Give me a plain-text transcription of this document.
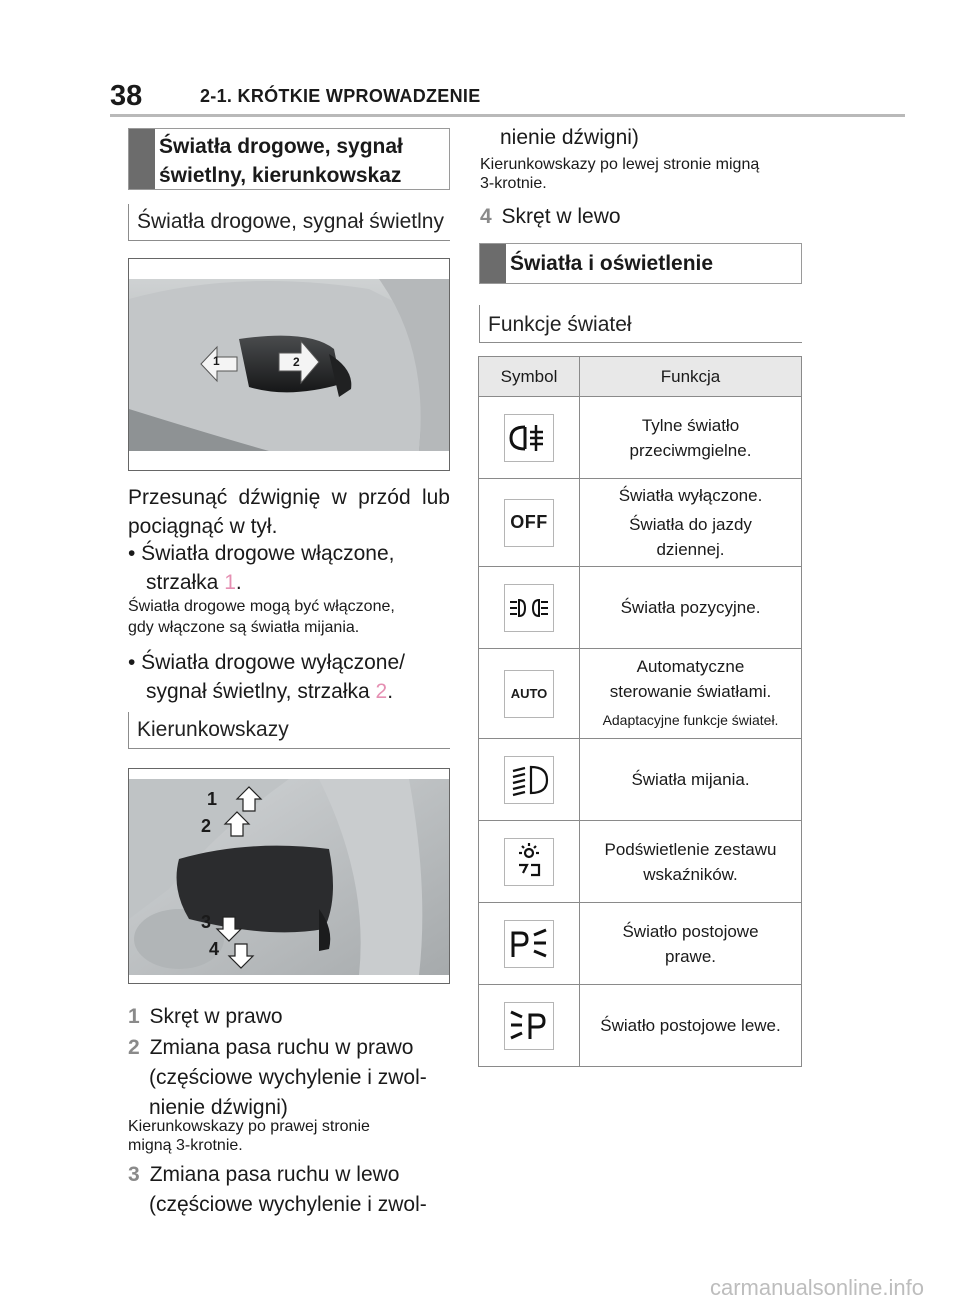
38	2-1. KRÓTKIE WPROWADZENIE
Światła drogowe, sygnał
świetlny, kierunkowskaz
Światła drogowe, sygnał świetlny
1	2
Przesunąć dźwignię w przód lub
pociągnąć w tył.
• Światła drogowe włączone,
strzałka 1.
Światła drogowe mogą być włączone,
gdy włączone są światła mijania.
• Światła drogowe wyłączone/
sygnał świetlny, strzałka 2.
Kierunkowskazy
1
2
3
4
1 Skręt w prawo
2 Zmiana pasa ruchu w prawo
(częściowe wychylenie i zwol-
nienie dźwigni)
Kierunkowskazy po prawej stronie
migną 3-krotnie.
3 Zmiana pasa ruchu w lewo
(częściowe wychylenie i zwol-
nienie dźwigni)
Kierunkowskazy po lewej stronie migną
3-krotnie.
4 Skręt w lewo
Światła i oświetlenie
Funkcje świateł
Symbol	Funkcja

Tylne światło
przeciwmgielne.

OFF	Światła wyłączone.
Światła do jazdy
dziennej.

Światła pozycyjne.

AUTO	Automatyczne
sterowanie światłami.
Adaptacyjne funkcje świateł.

Światła mijania.

Podświetlenie zestawu
wskaźników.

Światło postojowe
prawe.

Światło postojowe lewe.
carmanualsonline.info
